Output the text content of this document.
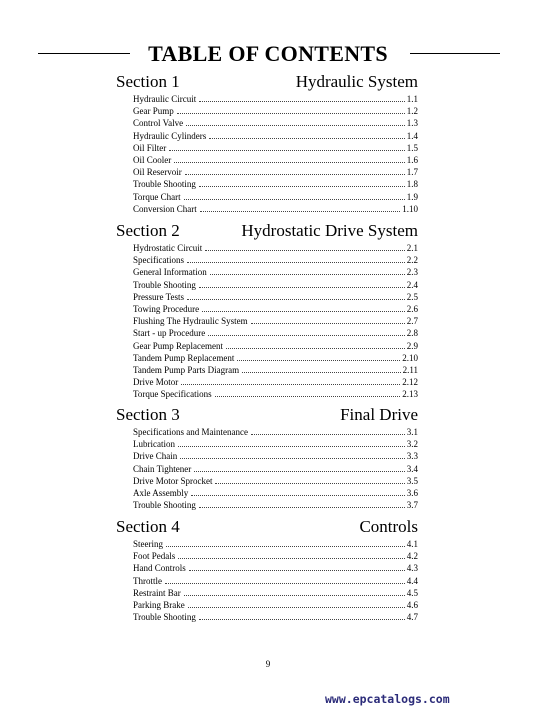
TABLE OF CONTENTS
Section 1	Hydraulic System
Hydraulic Circuit	1.1
Gear Pump	1.2
Control Valve	1.3
Hydraulic Cylinders	1.4
Oil Filter	1.5
Oil Cooler	1.6
Oil Reservoir	1.7
Trouble Shooting	1.8
Torque Chart	1.9
Conversion Chart	1.10
Section 2	Hydrostatic Drive System
Hydrostatic Circuit	2.1
Specifications	2.2
General Information	2.3
Trouble Shooting	2.4
Pressure Tests	2.5
Towing Procedure	2.6
Flushing The Hydraulic System	2.7
Start - up Procedure	2.8
Gear Pump Replacement	2.9
Tandem Pump Replacement	2.10
Tandem Pump Parts Diagram	2.11
Drive Motor	2.12
Torque Specifications	2.13
Section 3	Final Drive
Specifications and Maintenance	3.1
Lubrication	3.2
Drive Chain	3.3
Chain Tightener	3.4
Drive Motor Sprocket	3.5
Axle Assembly	3.6
Trouble Shooting	3.7
Section 4	Controls
Steering	4.1
Foot Pedals	4.2
Hand Controls	4.3
Throttle	4.4
Restraint Bar	4.5
Parking Brake	4.6
Trouble Shooting	4.7
9
www.epcatalogs.com
